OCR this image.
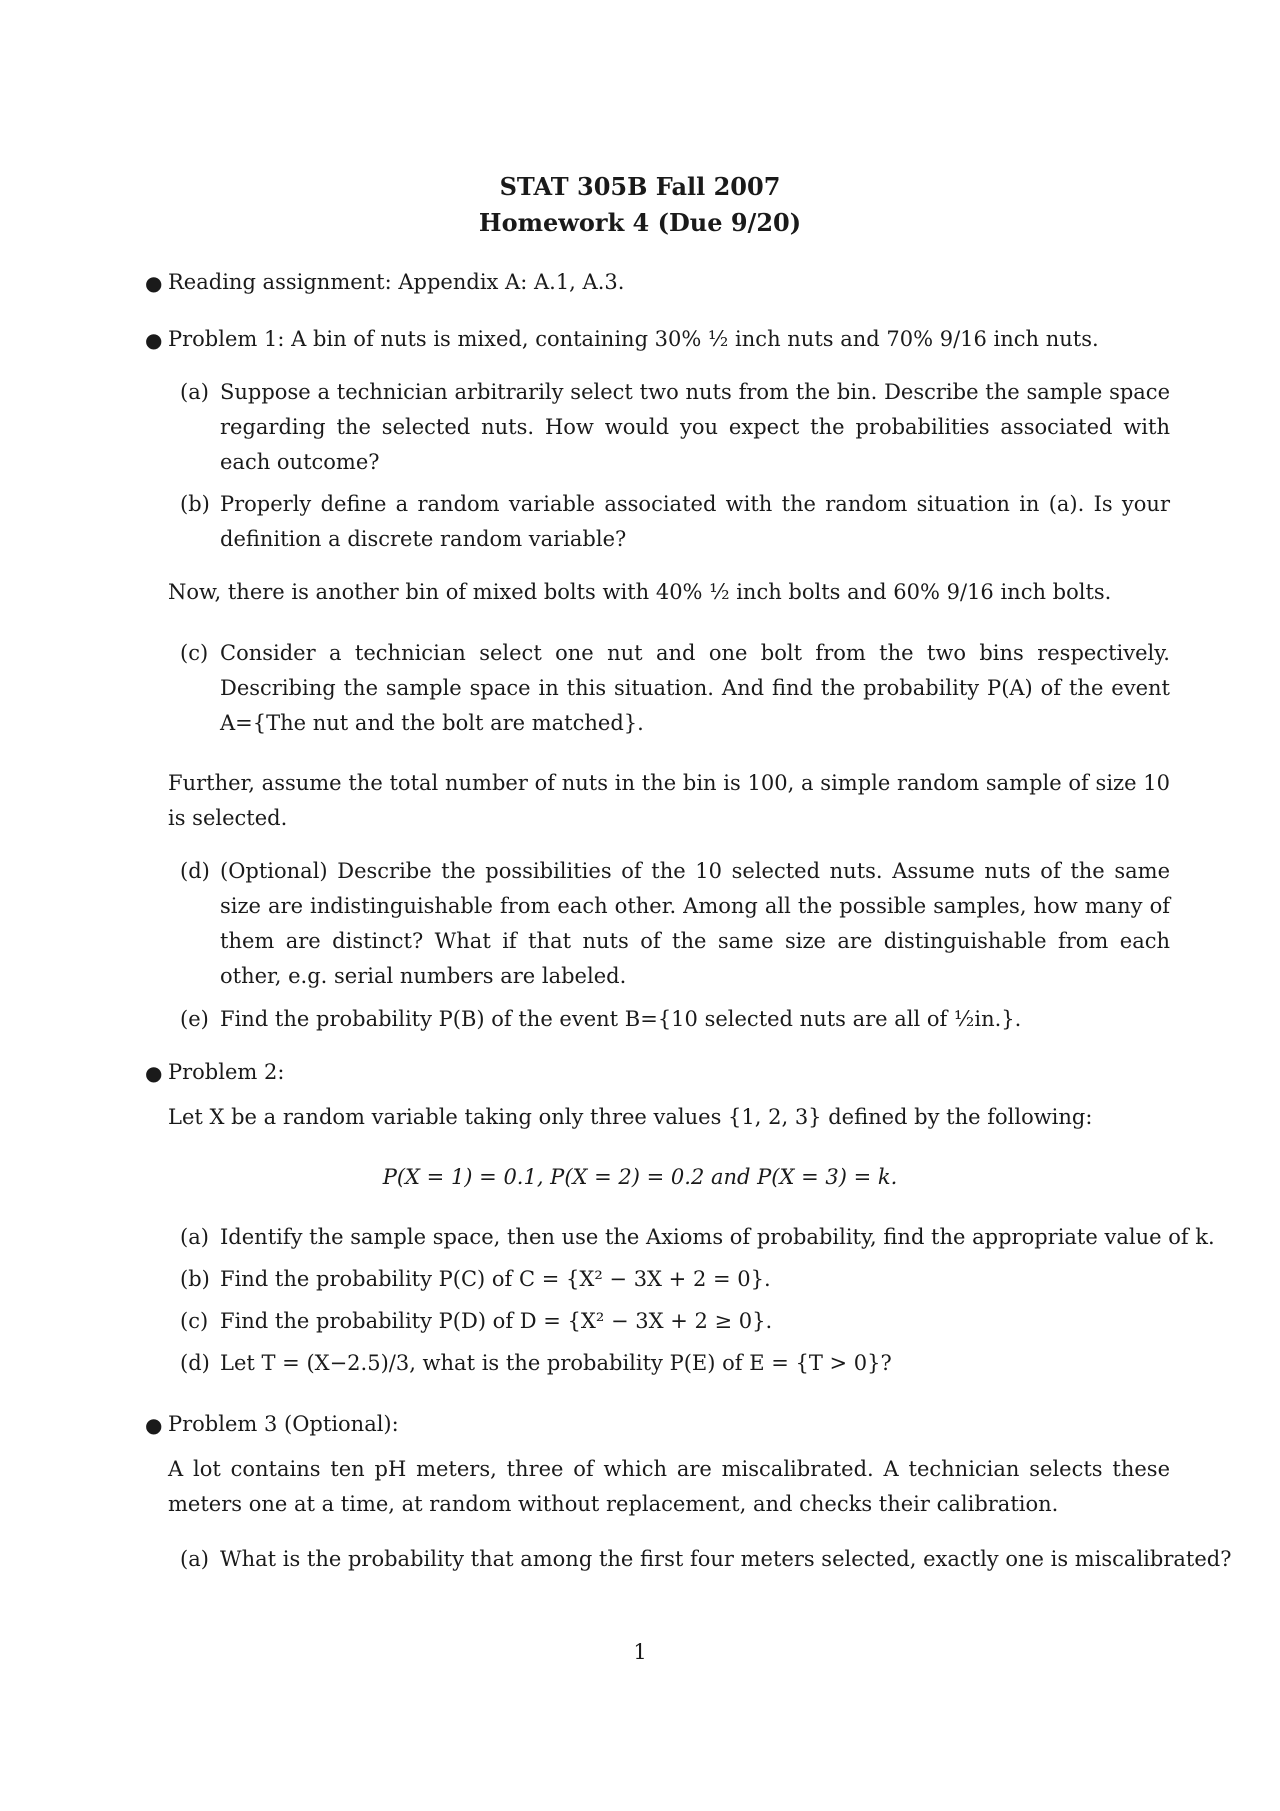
STAT 305B Fall 2007
Homework 4 (Due 9/20)
● Reading assignment: Appendix A: A.1, A.3.
● Problem 1: A bin of nuts is mixed, containing 30% ½ inch nuts and 70% 9/16 inch nuts.
(a) Suppose a technician arbitrarily select two nuts from the bin. Describe the sample space regarding the selected nuts. How would you expect the probabilities associated with each outcome?
(b) Properly define a random variable associated with the random situation in (a). Is your definition a discrete random variable?
Now, there is another bin of mixed bolts with 40% ½ inch bolts and 60% 9/16 inch bolts.
(c) Consider a technician select one nut and one bolt from the two bins respectively. Describing the sample space in this situation. And find the probability P(A) of the event A={The nut and the bolt are matched}.
Further, assume the total number of nuts in the bin is 100, a simple random sample of size 10 is selected.
(d) (Optional) Describe the possibilities of the 10 selected nuts. Assume nuts of the same size are indistinguishable from each other. Among all the possible samples, how many of them are distinct? What if that nuts of the same size are distinguishable from each other, e.g. serial numbers are labeled.
(e) Find the probability P(B) of the event B={10 selected nuts are all of ½in.}.
● Problem 2:
Let X be a random variable taking only three values {1, 2, 3} defined by the following:
P(X = 1) = 0.1, P(X = 2) = 0.2 and P(X = 3) = k.
(a) Identify the sample space, then use the Axioms of probability, find the appropriate value of k.
(b) Find the probability P(C) of C = {X² − 3X + 2 = 0}.
(c) Find the probability P(D) of D = {X² − 3X + 2 ≥ 0}.
(d) Let T = (X−2.5)/3, what is the probability P(E) of E = {T > 0}?
● Problem 3 (Optional):
A lot contains ten pH meters, three of which are miscalibrated. A technician selects these meters one at a time, at random without replacement, and checks their calibration.
(a) What is the probability that among the first four meters selected, exactly one is miscalibrated?
1
